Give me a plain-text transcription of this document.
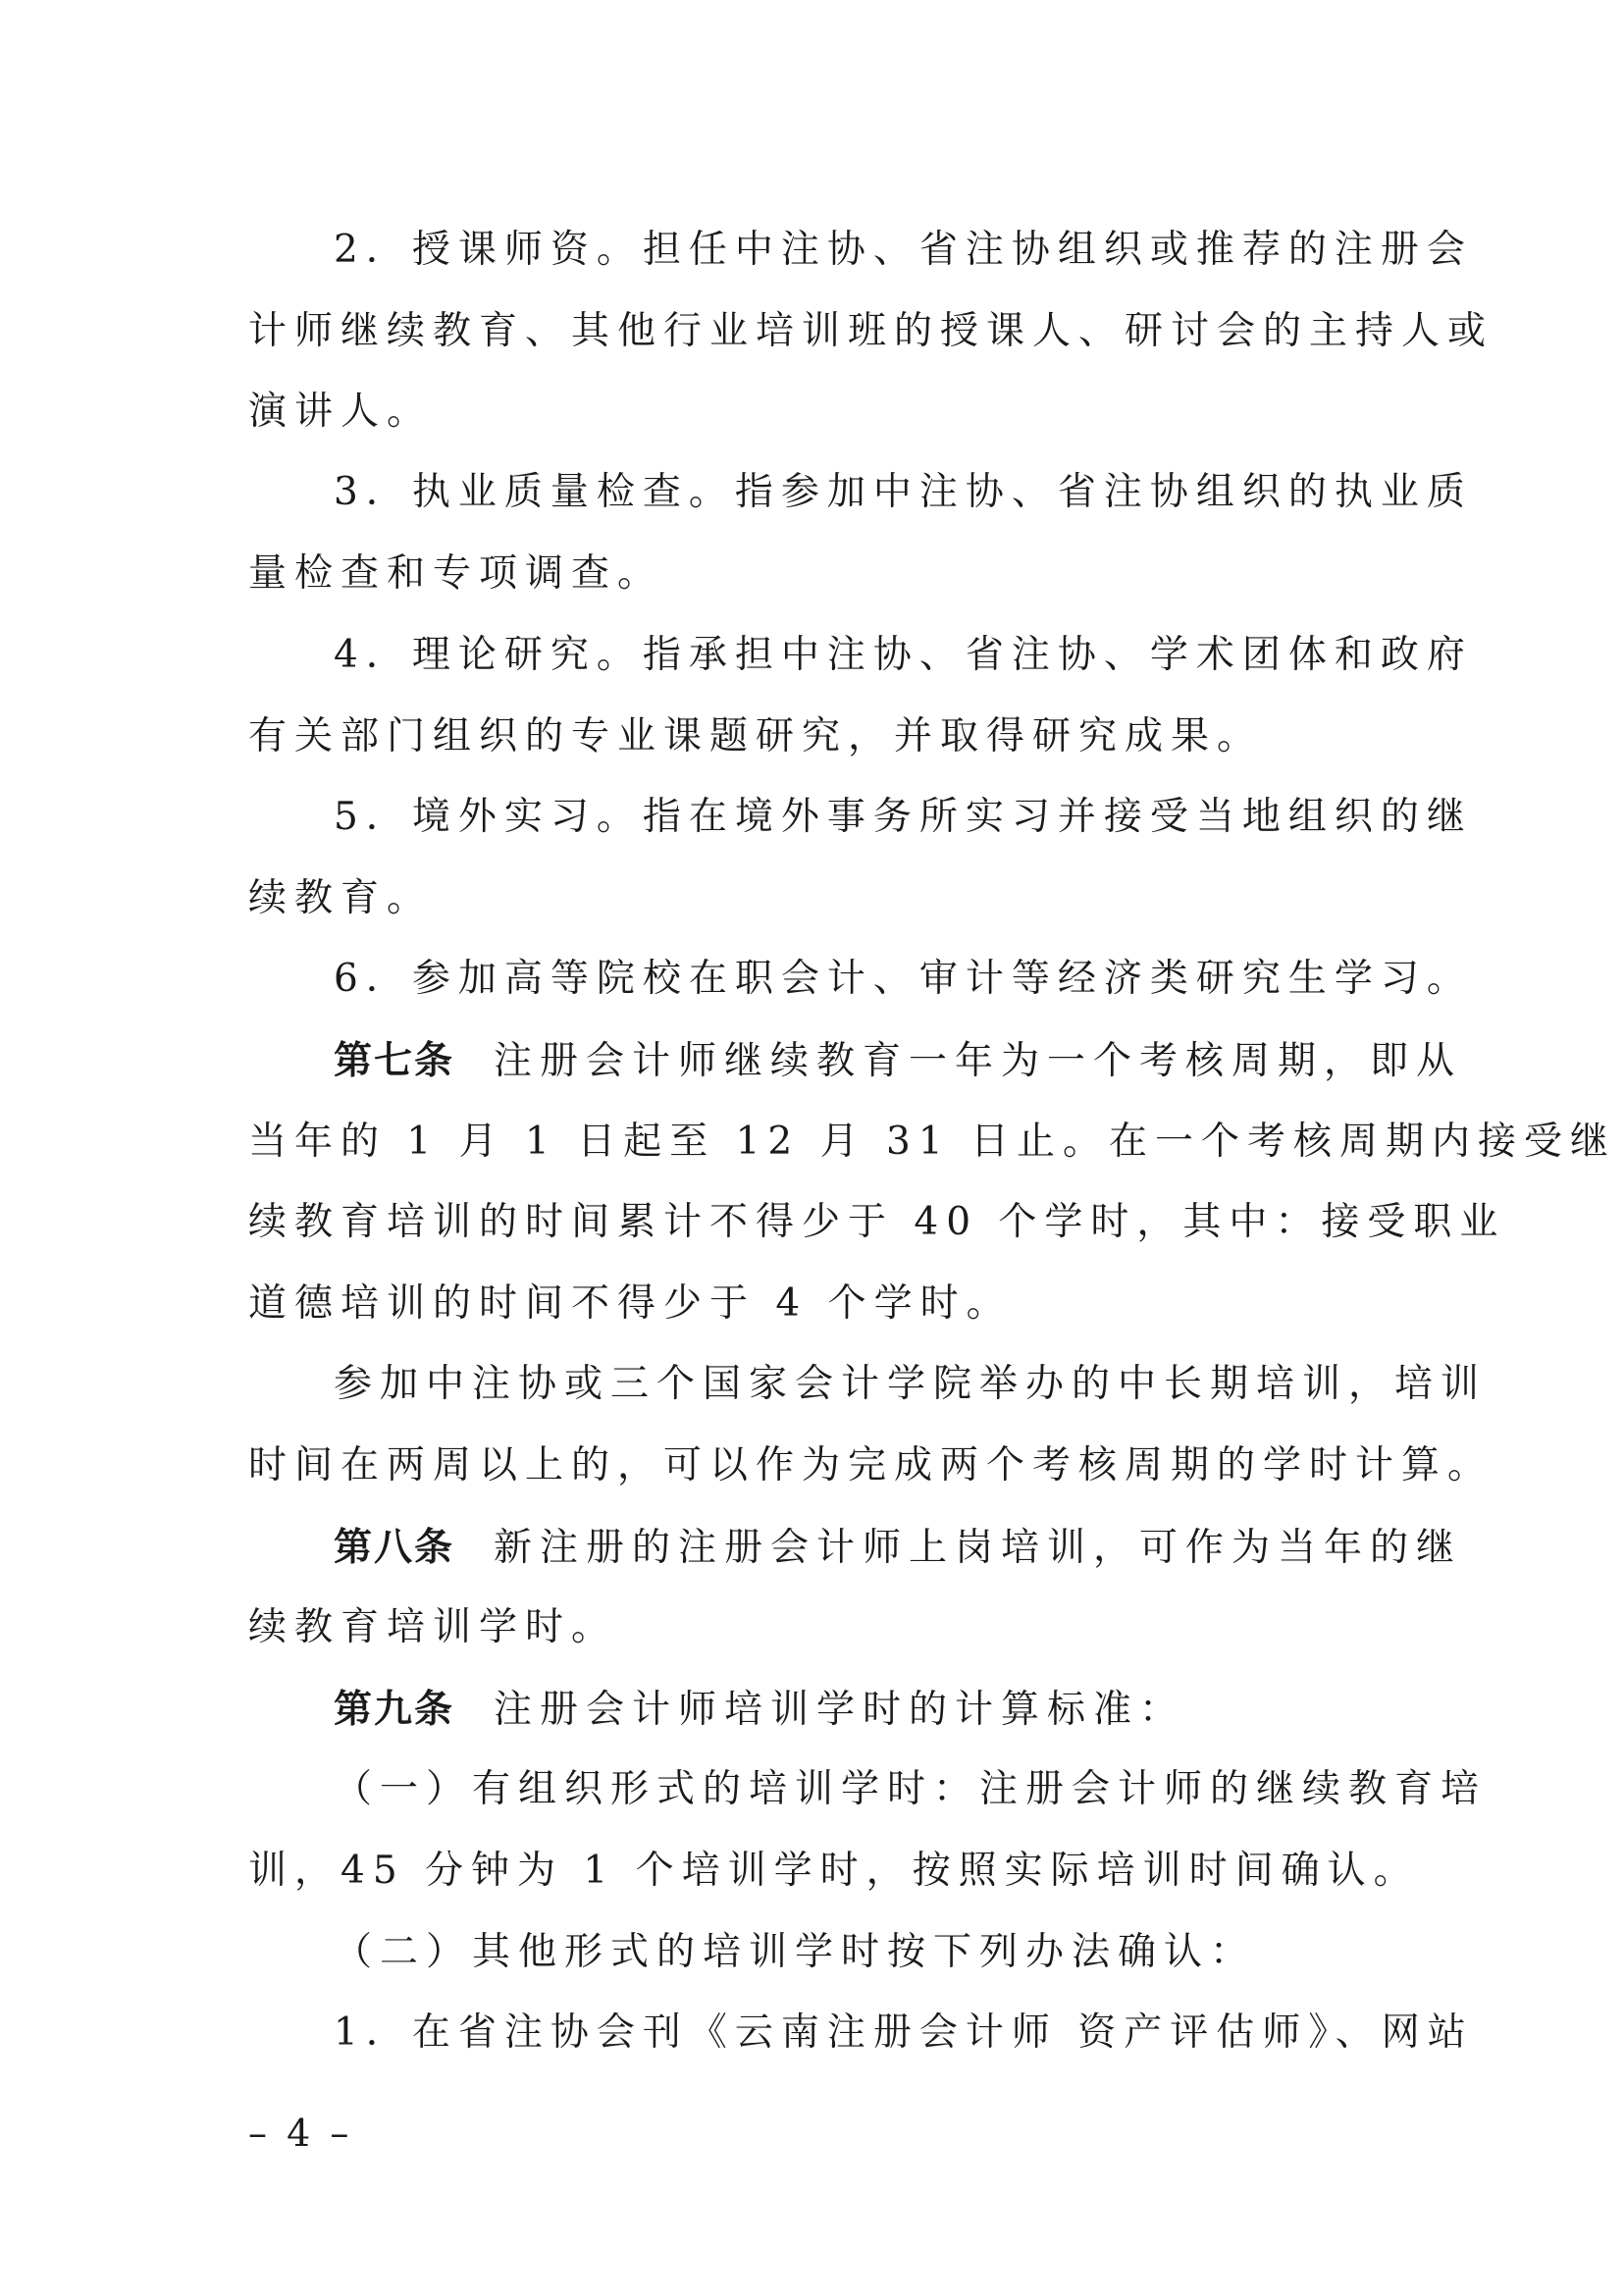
2．授课师资。担任中注协、省注协组织或推荐的注册会
计师继续教育、其他行业培训班的授课人、研讨会的主持人或
演讲人。
3．执业质量检查。指参加中注协、省注协组织的执业质
量检查和专项调查。
4．理论研究。指承担中注协、省注协、学术团体和政府
有关部门组织的专业课题研究，并取得研究成果。
5．境外实习。指在境外事务所实习并接受当地组织的继
续教育。
6．参加高等院校在职会计、审计等经济类研究生学习。
第七条 注册会计师继续教育一年为一个考核周期，即从
当年的 1 月 1 日起至 12 月 31 日止。在一个考核周期内接受继
续教育培训的时间累计不得少于 40 个学时，其中：接受职业
道德培训的时间不得少于 4 个学时。
参加中注协或三个国家会计学院举办的中长期培训，培训
时间在两周以上的，可以作为完成两个考核周期的学时计算。
第八条 新注册的注册会计师上岗培训，可作为当年的继
续教育培训学时。
第九条 注册会计师培训学时的计算标准：
（一）有组织形式的培训学时：注册会计师的继续教育培
训，45 分钟为 1 个培训学时，按照实际培训时间确认。
（二）其他形式的培训学时按下列办法确认：
1．在省注协会刊《云南注册会计师 资产评估师》、网站
– 4 –
